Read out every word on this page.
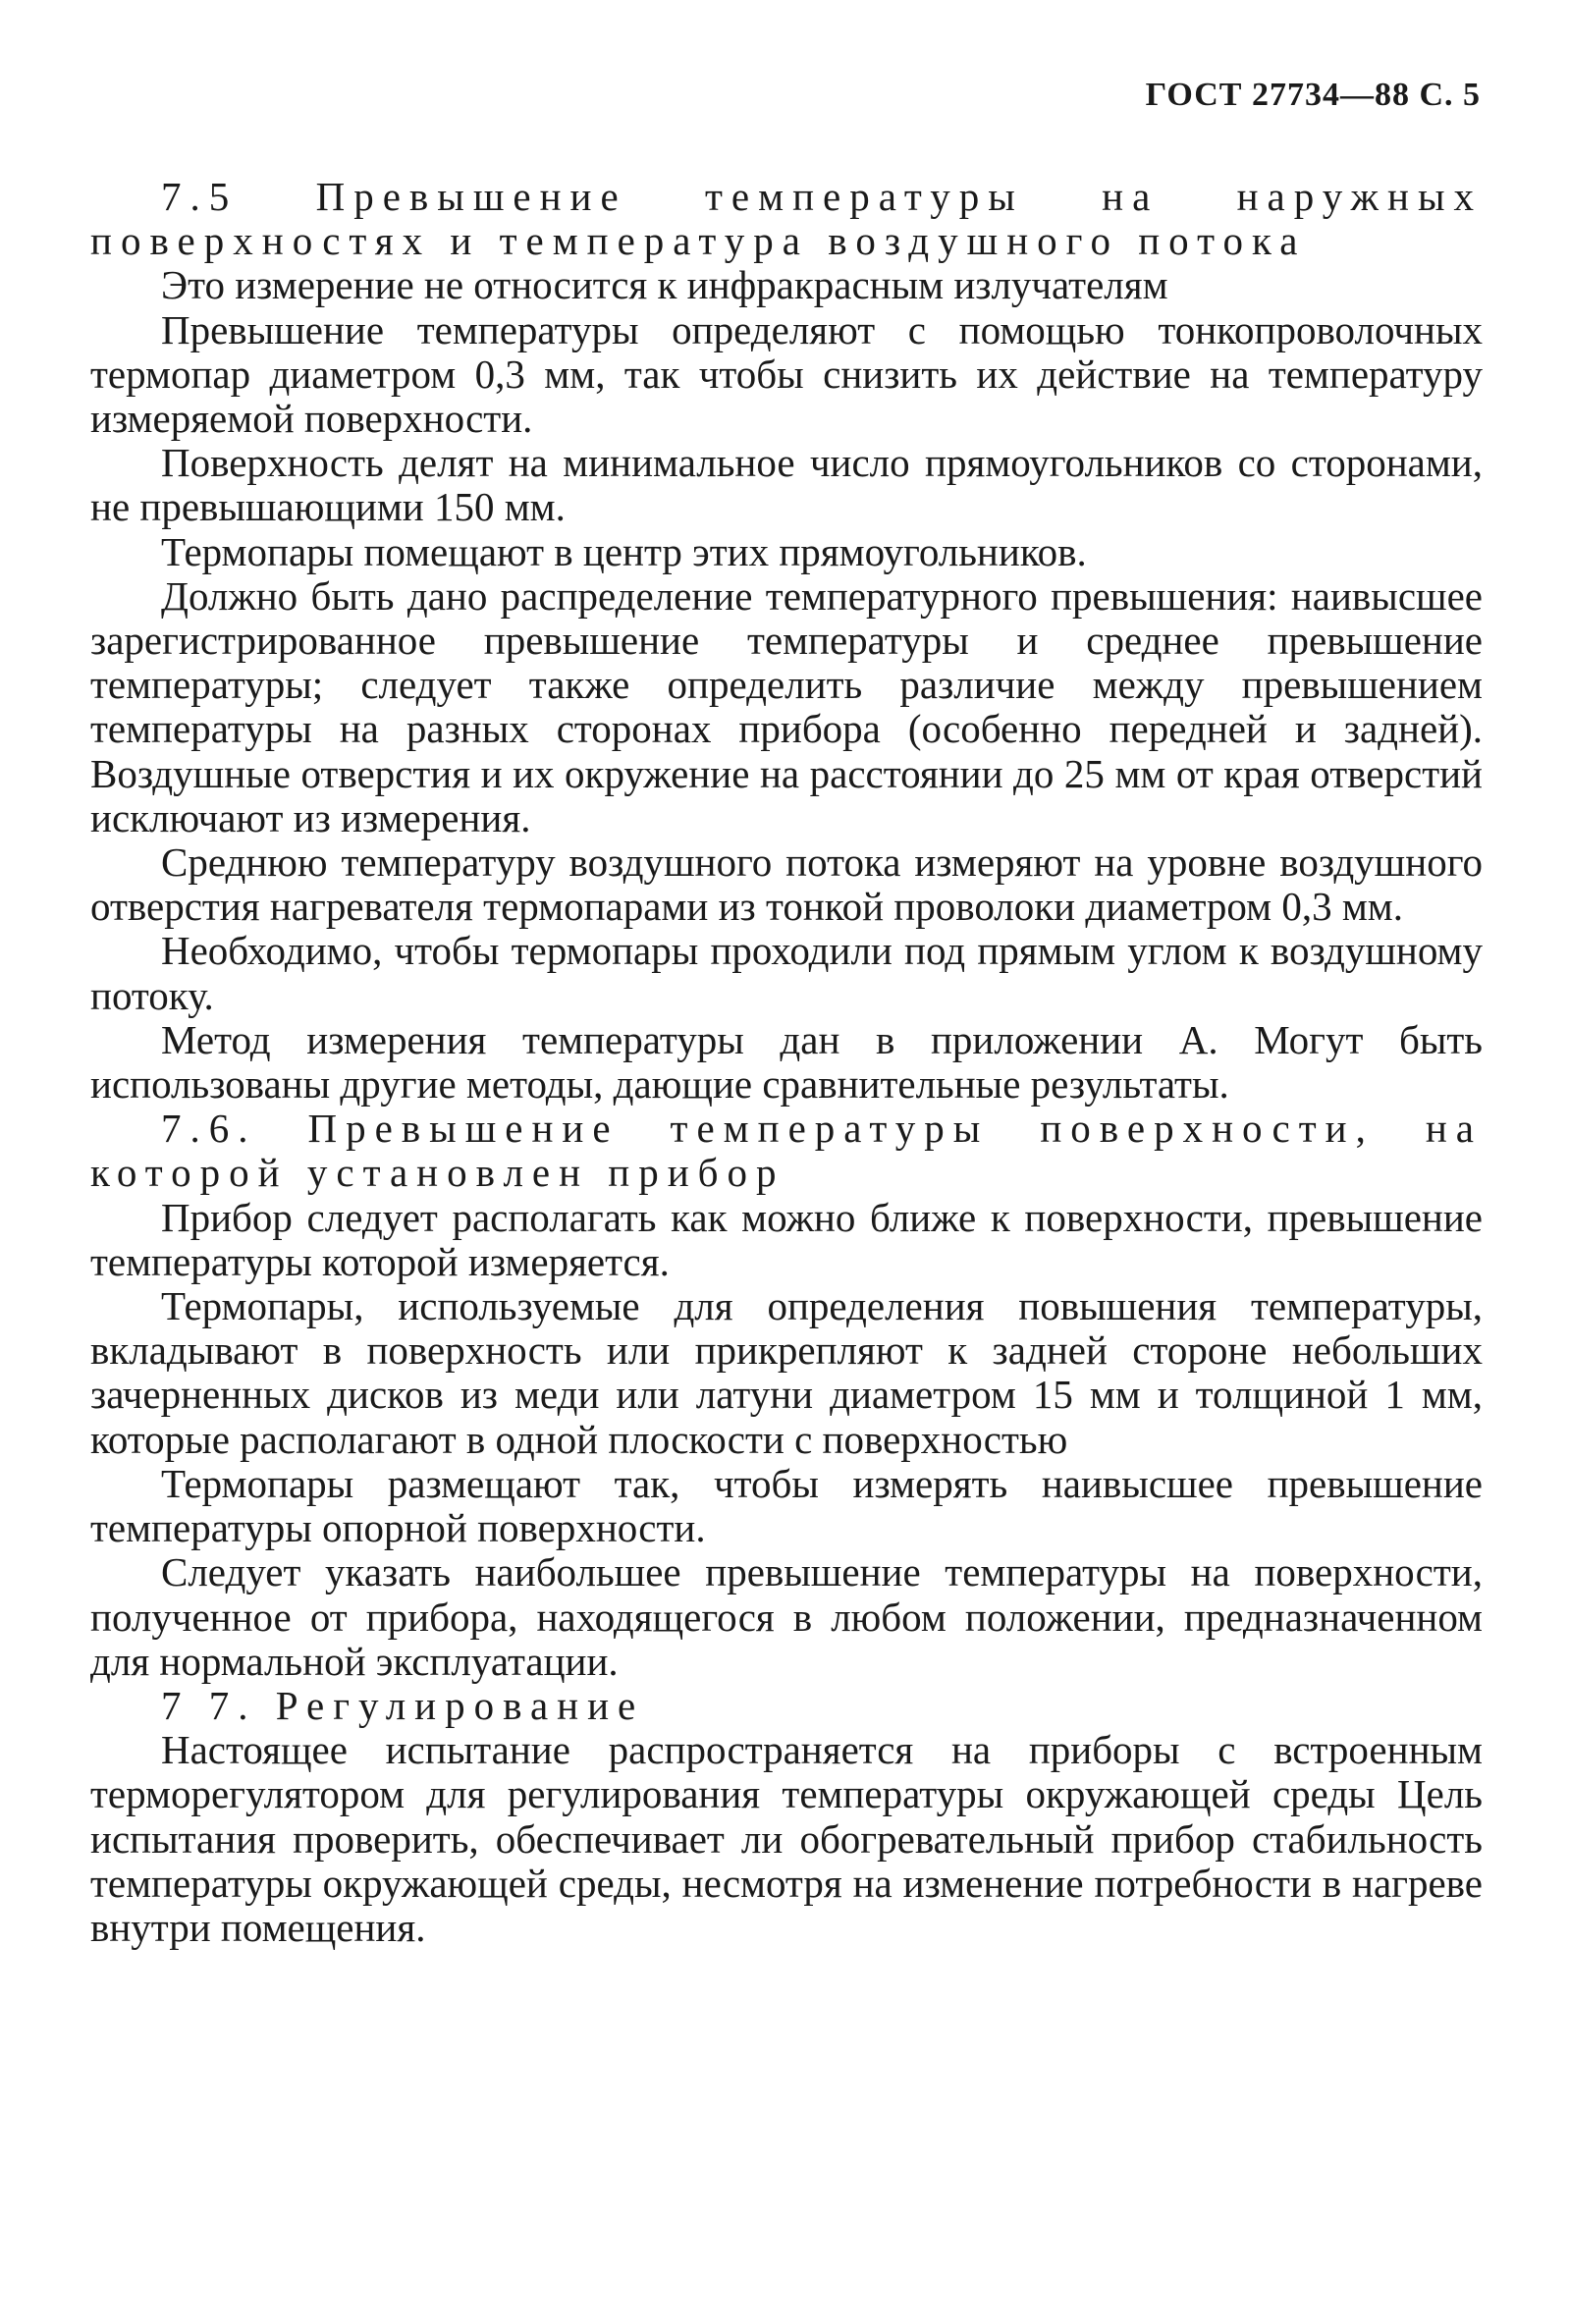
ГОСТ 27734—88 С. 5

7.5 Превышение температуры на наружных поверхностях и температура воздушного потока

Это измерение не относится к инфракрасным излучателям

Превышение температуры определяют с помощью тонкопроволочных термопар диаметром 0,3 мм, так чтобы снизить их действие на температуру измеряемой поверхности.

Поверхность делят на минимальное число прямоугольников со сторонами, не превышающими 150 мм.

Термопары помещают в центр этих прямоугольников.

Должно быть дано распределение температурного превышения: наивысшее зарегистрированное превышение температуры и среднее превышение температуры; следует также определить различие между превышением температуры на разных сторонах прибора (особенно передней и задней). Воздушные отверстия и их окружение на расстоянии до 25 мм от края отверстий исключают из измерения.

Среднюю температуру воздушного потока измеряют на уровне воздушного отверстия нагревателя термопарами из тонкой проволоки диаметром 0,3 мм.

Необходимо, чтобы термопары проходили под прямым углом к воздушному потоку.

Метод измерения температуры дан в приложении А. Могут быть использованы другие методы, дающие сравнительные результаты.

7.6. Превышение температуры поверхности, на которой установлен прибор

Прибор следует располагать как можно ближе к поверхности, превышение температуры которой измеряется.

Термопары, используемые для определения повышения температуры, вкладывают в поверхность или прикрепляют к задней стороне небольших зачерненных дисков из меди или латуни диаметром 15 мм и толщиной 1 мм, которые располагают в одной плоскости с поверхностью

Термопары размещают так, чтобы измерять наивысшее превышение температуры опорной поверхности.

Следует указать наибольшее превышение температуры на поверхности, полученное от прибора, находящегося в любом положении, предназначенном для нормальной эксплуатации.

7 7. Регулирование

Настоящее испытание распространяется на приборы с встроенным терморегулятором для регулирования температуры окружающей среды Цель испытания проверить, обеспечивает ли обогревательный прибор стабильность температуры окружающей среды, несмотря на изменение потребности в нагреве внутри помещения.
